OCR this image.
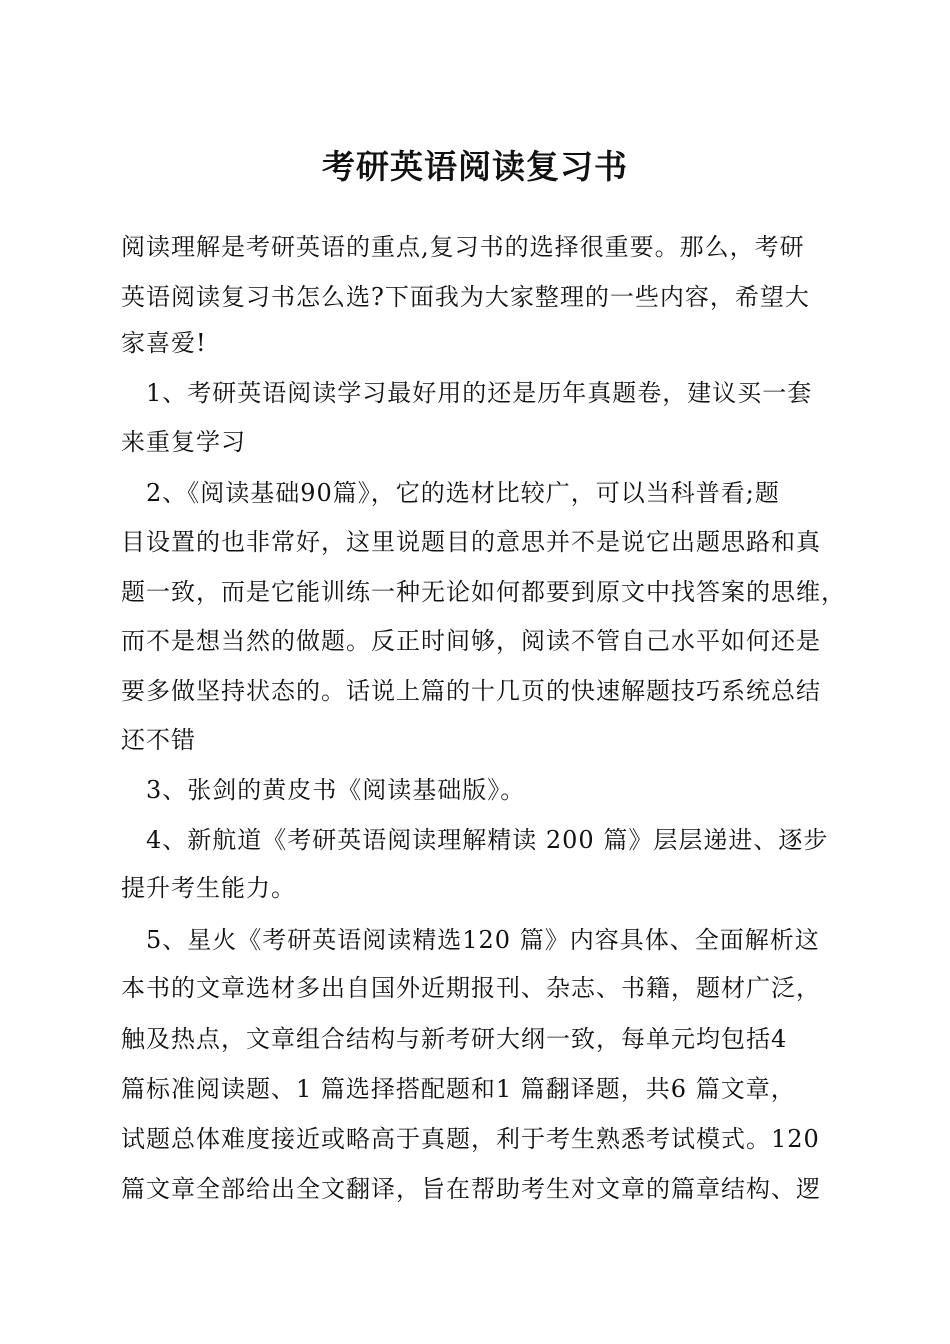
考研英语阅读复习书

阅读理解是考研英语的重点,复习书的选择很重要。那么，考研

英语阅读复习书怎么选?下面我为大家整理的一些内容，希望大

家喜爱!

　1、考研英语阅读学习最好用的还是历年真题卷，建议买一套

来重复学习

　2、《阅读基础90篇》，它的选材比较广，可以当科普看;题

目设置的也非常好，这里说题目的意思并不是说它出题思路和真

题一致，而是它能训练一种无论如何都要到原文中找答案的思维，

而不是想当然的做题。反正时间够，阅读不管自己水平如何还是

要多做坚持状态的。话说上篇的十几页的快速解题技巧系统总结

还不错

　3、张剑的黄皮书《阅读基础版》。

　4、新航道《考研英语阅读理解精读 200 篇》层层递进、逐步

提升考生能力。

　5、星火《考研英语阅读精选120 篇》内容具体、全面解析这

本书的文章选材多出自国外近期报刊、杂志、书籍，题材广泛，

触及热点，文章组合结构与新考研大纲一致，每单元均包括4

篇标准阅读题、1 篇选择搭配题和1 篇翻译题，共6 篇文章，

试题总体难度接近或略高于真题，利于考生熟悉考试模式。120

篇文章全部给出全文翻译，旨在帮助考生对文章的篇章结构、逻
